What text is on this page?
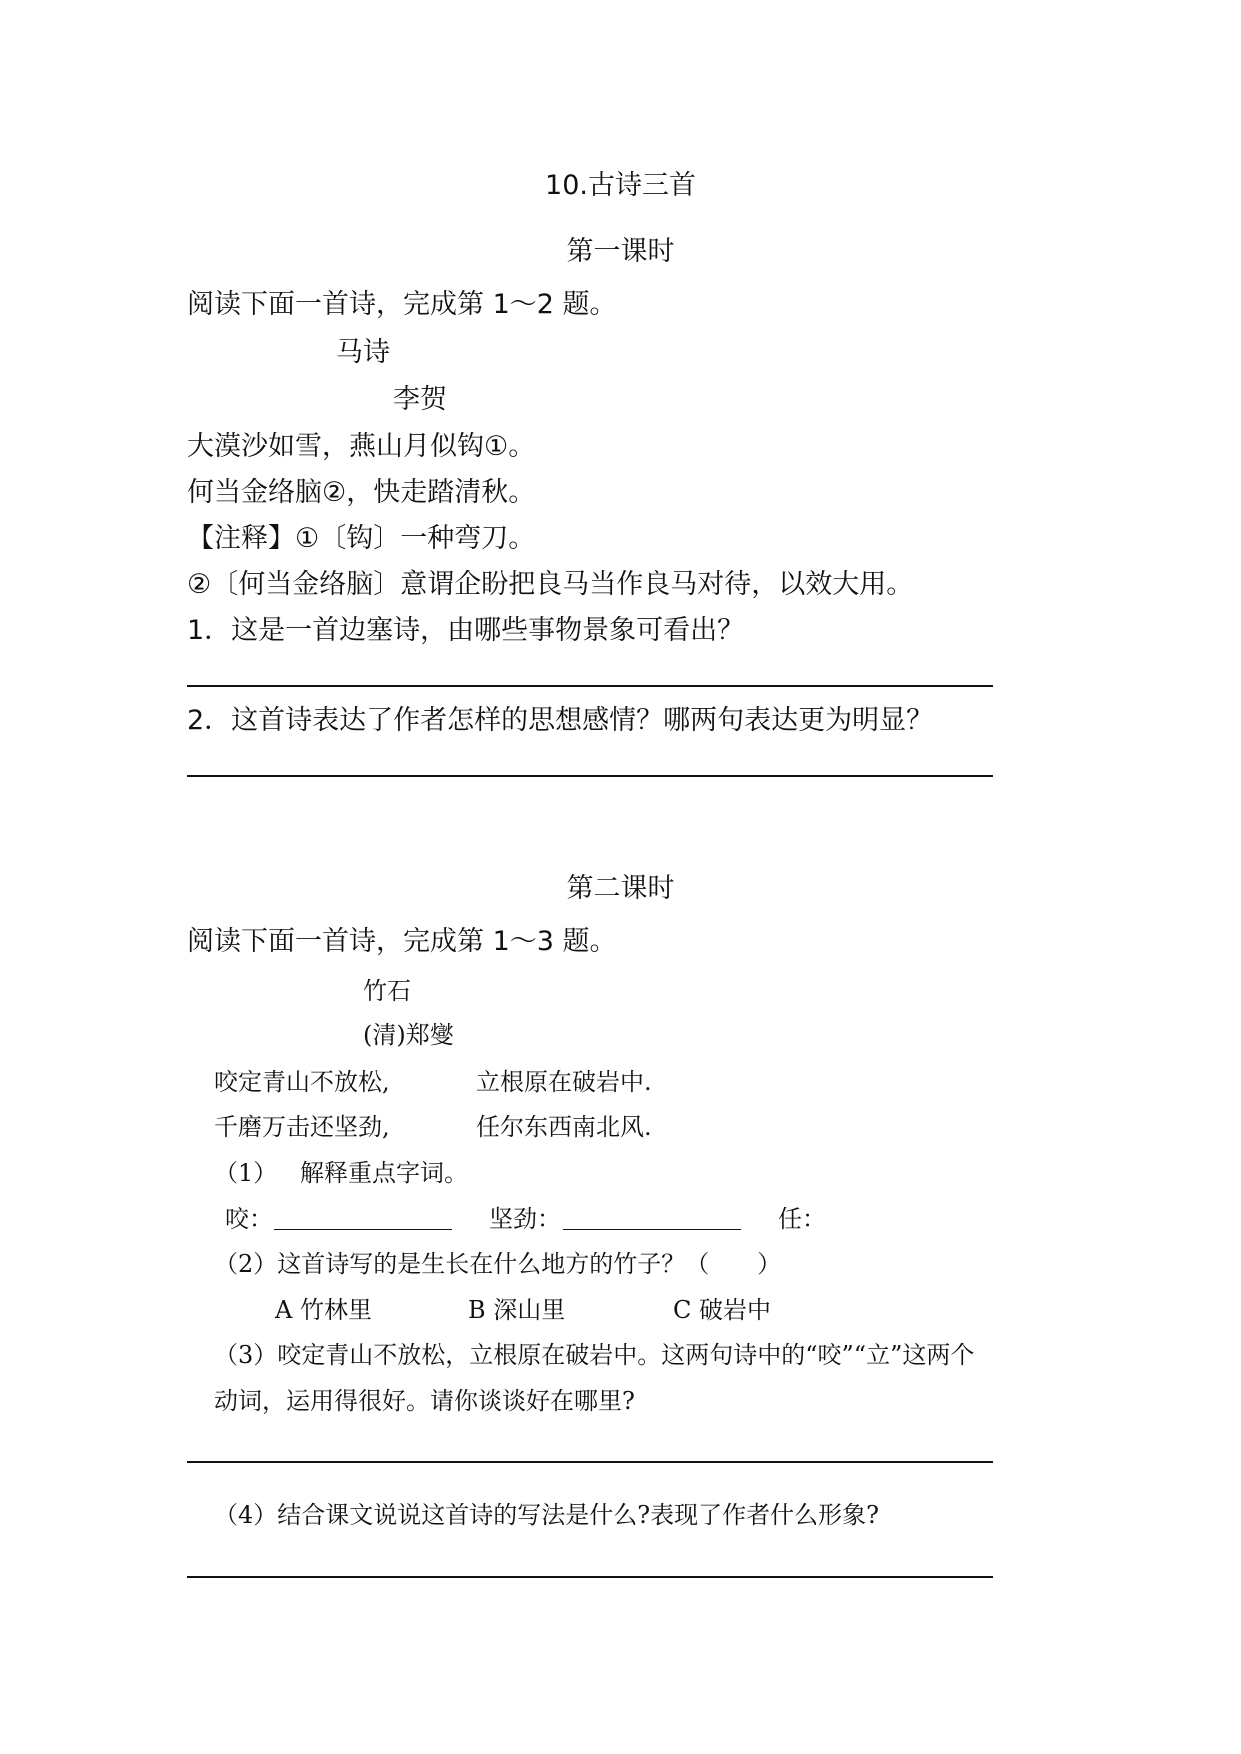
10.古诗三首
第一课时
阅读下面一首诗，完成第 1～2 题。
马诗
李贺
大漠沙如雪，燕山月似钩①。
何当金络脑②，快走踏清秋。
【注释】①〔钩〕一种弯刀。
②〔何当金络脑〕意谓企盼把良马当作良马对待，以效大用。
1．这是一首边塞诗，由哪些事物景象可看出？
2．这首诗表达了作者怎样的思想感情？哪两句表达更为明显？
第二课时
阅读下面一首诗，完成第 1～3 题。
竹石
(清)郑燮
咬定青山不放松,	立根原在破岩中.
千磨万击还坚劲,	任尔东西南北风.
（1） 解释重点字词。
咬：	坚劲：	任：
（2）这首诗写的是生长在什么地方的竹子？（　　）
A 竹林里	B 深山里	C 破岩中
（3）咬定青山不放松，立根原在破岩中。这两句诗中的“咬”“立”这两个
动词，运用得很好。请你谈谈好在哪里?
（4）结合课文说说这首诗的写法是什么?表现了作者什么形象?
